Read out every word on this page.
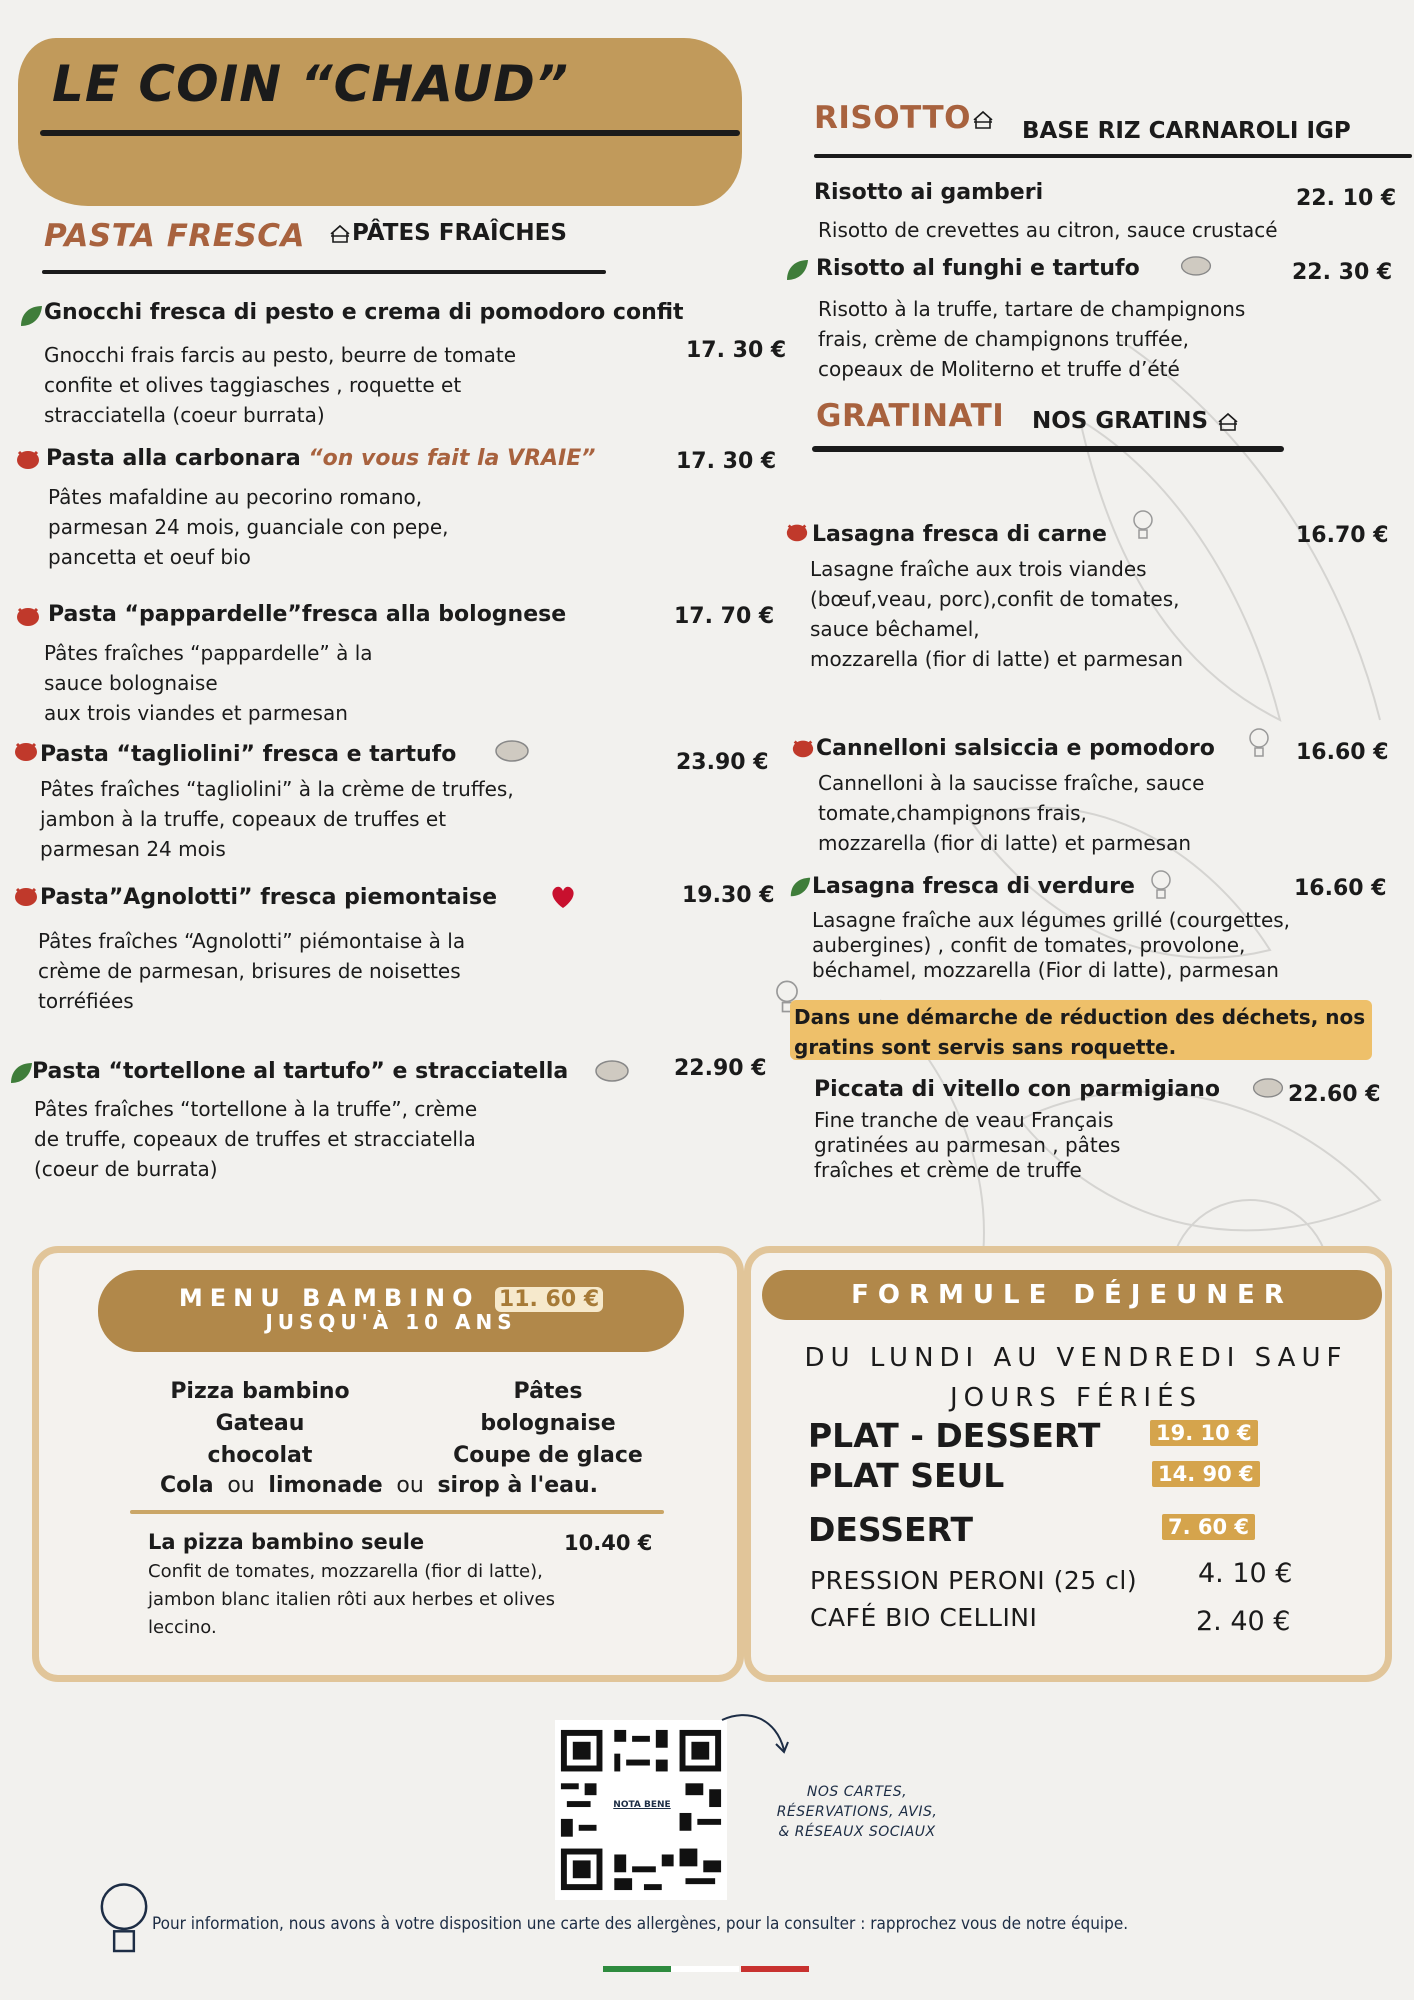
LE COIN “CHAUD”
PASTA FRESCA	PÂTES FRAÎCHES
Gnocchi fresca di pesto e crema di pomodoro confit
17. 30 €
Gnocchi frais farcis au pesto, beurre de tomate
confite et olives taggiasches , roquette et
stracciatella (coeur burrata)
Pasta alla carbonara “on vous fait la VRAIE”	17. 30 €
Pâtes mafaldine au pecorino romano,
parmesan 24 mois, guanciale con pepe,
pancetta et oeuf bio
Pasta “pappardelle”fresca alla bolognese	17. 70 €
Pâtes fraîches “pappardelle” à la
sauce bolognaise
aux trois viandes et parmesan
Pasta “tagliolini” fresca e tartufo	23.90 €
Pâtes fraîches “tagliolini” à la crème de truffes,
jambon à la truffe, copeaux de truffes et
parmesan 24 mois
Pasta”Agnolotti” fresca piemontaise	19.30 €
Pâtes fraîches “Agnolotti” piémontaise à la
crème de parmesan, brisures de noisettes
torréfiées
Pasta “tortellone al tartufo” e stracciatella	22.90 €
Pâtes fraîches “tortellone à la truffe”, crème
de truffe, copeaux de truffes et stracciatella
(coeur de burrata)
RISOTTO	BASE RIZ CARNAROLI IGP
Risotto ai gamberi	22. 10 €
Risotto de crevettes au citron, sauce crustacé
Risotto al funghi e tartufo	22. 30 €
Risotto à la truffe, tartare de champignons
frais, crème de champignons truffée,
copeaux de Moliterno et truffe d’été
GRATINATI NOS GRATINS
Lasagna fresca di carne	16.70 €
Lasagne fraîche aux trois viandes
(bœuf,veau, porc),confit de tomates,
sauce bêchamel,
mozzarella (fior di latte) et parmesan
Cannelloni salsiccia e pomodoro	16.60 €
Cannelloni à la saucisse fraîche, sauce
tomate,champignons frais,
mozzarella (fior di latte) et parmesan
Lasagna fresca di verdure	16.60 €
Lasagne fraîche aux légumes grillé (courgettes,
aubergines) , confit de tomates, provolone,
béchamel, mozzarella (Fior di latte), parmesan
Dans une démarche de réduction des déchets, nos
gratins sont servis sans roquette.
Piccata di vitello con parmigiano	22.60 €
Fine tranche de veau Français
gratinées au parmesan , pâtes
fraîches et crème de truffe
MENU BAMBINO 11. 60 €
JUSQU'À 10 ANS
Pizza bambino
Gateau
chocolat
Pâtes
bolognaise
Coupe de glace
Cola ou limonade ou sirop à l'eau.
La pizza bambino seule	10.40 €
Confit de tomates, mozzarella (fior di latte),
jambon blanc italien rôti aux herbes et olives
leccino.
FORMULE DÉJEUNER
DU LUNDI AU VENDREDI SAUF
JOURS FÉRIÉS
PLAT - DESSERT	19. 10 €
PLAT SEUL	14. 90 €
DESSERT	7. 60 €
PRESSION PERONI (25 cl) 4. 10 €
CAFÉ BIO CELLINI	2. 40 €
NOTA BENE
NOS CARTES,
RÉSERVATIONS, AVIS,
& RÉSEAUX SOCIAUX
Pour information, nous avons à votre disposition une carte des allergènes, pour la consulter : rapprochez vous de notre équipe.
